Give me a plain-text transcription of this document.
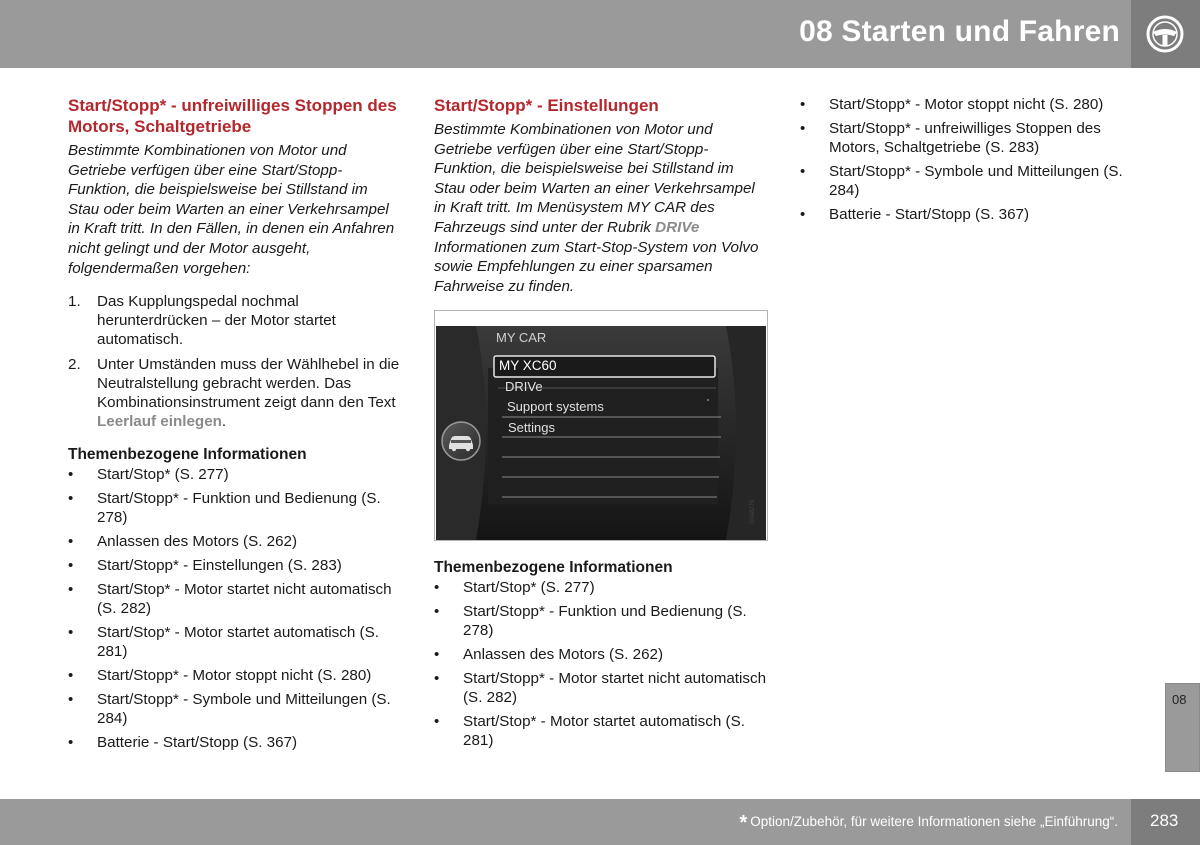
08 Starten und Fahren
Start/Stopp* - unfreiwilliges Stoppen des Motors, Schaltgetriebe
Bestimmte Kombinationen von Motor und Getriebe verfügen über eine Start/Stopp-Funktion, die beispielsweise bei Stillstand im Stau oder beim Warten an einer Verkehrsampel in Kraft tritt. In den Fällen, in denen ein Anfahren nicht gelingt und der Motor ausgeht, folgendermaßen vorgehen:
1. Das Kupplungspedal nochmal herunterdrücken – der Motor startet automatisch.
2. Unter Umständen muss der Wählhebel in die Neutralstellung gebracht werden. Das Kombinationsinstrument zeigt dann den Text Leerlauf einlegen.
Themenbezogene Informationen
• Start/Stop* (S. 277)
• Start/Stopp* - Funktion und Bedienung (S. 278)
• Anlassen des Motors (S. 262)
• Start/Stopp* - Einstellungen (S. 283)
• Start/Stop* - Motor startet nicht automatisch (S. 282)
• Start/Stop* - Motor startet automatisch (S. 281)
• Start/Stopp* - Motor stoppt nicht (S. 280)
• Start/Stopp* - Symbole und Mitteilungen (S. 284)
• Batterie - Start/Stopp (S. 367)
Start/Stopp* - Einstellungen
Bestimmte Kombinationen von Motor und Getriebe verfügen über eine Start/Stopp-Funktion, die beispielsweise bei Stillstand im Stau oder beim Warten an einer Verkehrsampel in Kraft tritt. Im Menüsystem MY CAR des Fahrzeugs sind unter der Rubrik DRIVe Informationen zum Start-Stop-System von Volvo sowie Empfehlungen zu einer sparsamen Fahrweise zu finden.
MY CAR
MY XC60
DRIVe
Support systems
Settings
G048279
Themenbezogene Informationen
• Start/Stop* (S. 277)
• Start/Stopp* - Funktion und Bedienung (S. 278)
• Anlassen des Motors (S. 262)
• Start/Stopp* - Motor startet nicht automatisch (S. 282)
• Start/Stop* - Motor startet automatisch (S. 281)
• Start/Stopp* - Motor stoppt nicht (S. 280)
• Start/Stopp* - unfreiwilliges Stoppen des Motors, Schaltgetriebe (S. 283)
• Start/Stopp* - Symbole und Mitteilungen (S. 284)
• Batterie - Start/Stopp (S. 367)
08
* Option/Zubehör, für weitere Informationen siehe „Einführung“. 283
